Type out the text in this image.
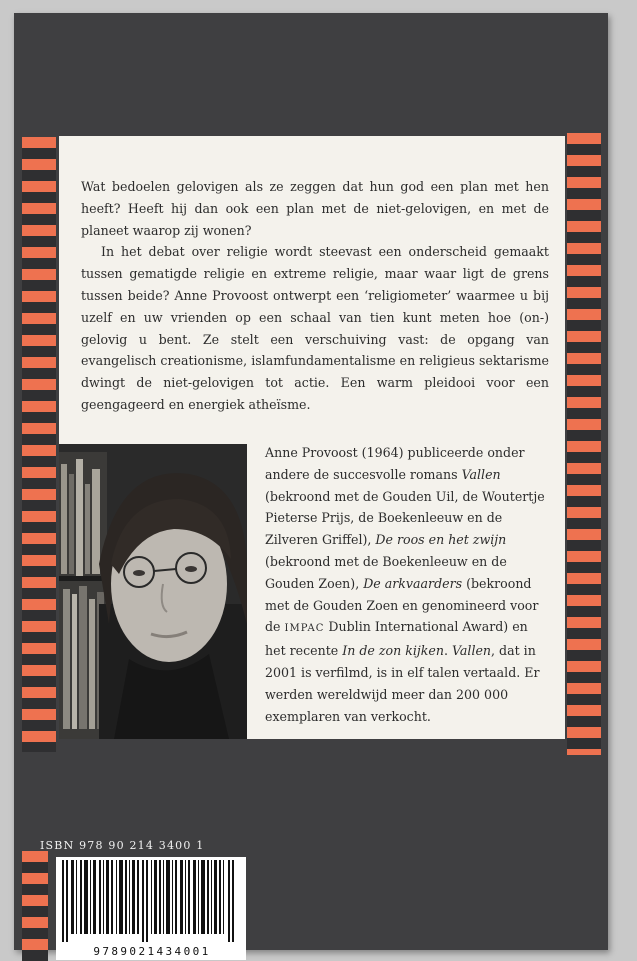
Wat bedoelen gelovigen als ze zeggen dat hun god een plan met hen heeft? Heeft hij dan ook een plan met de niet-gelovigen, en met de planeet waarop zij wonen?

In het debat over religie wordt steevast een onderscheid gemaakt tussen gematigde religie en extreme religie, maar waar ligt de grens tussen beide? Anne Provoost ontwerpt een ‘religiometer’ waarmee u bij uzelf en uw vrienden op een schaal van tien kunt meten hoe (on-) gelovig u bent. Ze stelt een verschuiving vast: de opgang van evangelisch creationisme, islamfundamentalisme en religieus sektarisme dwingt de niet-gelovigen tot actie. Een warm pleidooi voor een geengageerd en energiek atheïsme.

Anne Provoost (1964) publiceerde onder andere de succesvolle romans Vallen (bekroond met de Gouden Uil, de Woutertje Pieterse Prijs, de Boekenleeuw en de Zilveren Griffel), De roos en het zwijn (bekroond met de Boekenleeuw en de Gouden Zoen), De arkvaarders (bekroond met de Gouden Zoen en genomineerd voor de IMPAC Dublin International Award) en het recente In de zon kijken. Vallen, dat in 2001 is verfilmd, is in elf talen vertaald. Er werden wereldwijd meer dan 200 000 exemplaren van verkocht.
ISBN 978 90 214 3400 1
9789021434001
